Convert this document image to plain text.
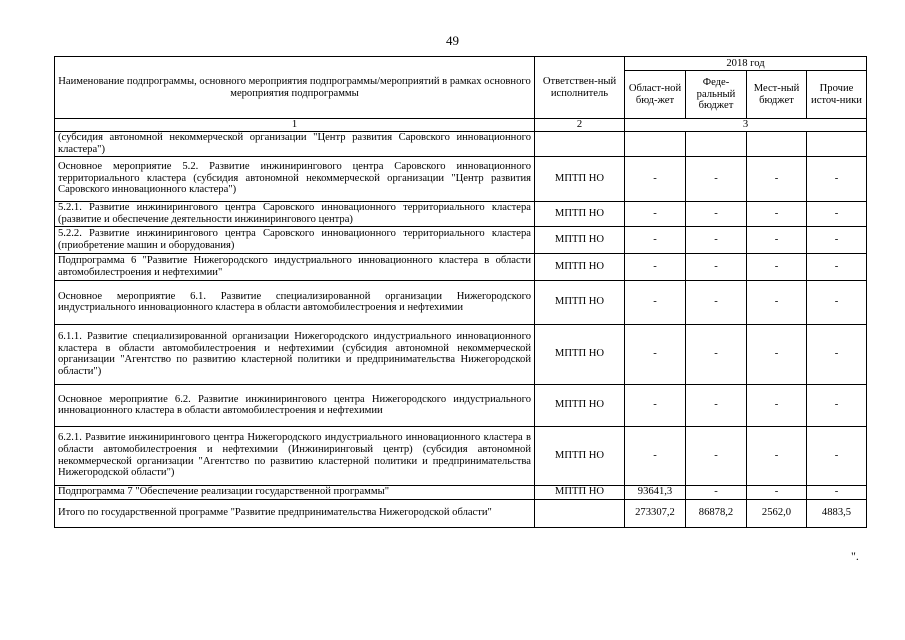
49
Наименование подпрограммы, основного мероприятия подпрограммы/мероприятий в рамках основного мероприятия подпрограммы	Ответствен-ный исполнитель	2018 год			
		Област-ной бюд-жет	Феде-ральный бюджет	Мест-ный бюджет	Прочие источ-ники
1	2	3			
(субсидия автономной некоммерческой организации "Центр развития Саровского инновационного кластера")					
Основное мероприятие 5.2. Развитие инжинирингового центра Саровского инновационного территориального кластера (субсидия автономной некоммерческой организации "Центр развития Саровского инновационного кластера")	МПТП НО	-	-	-	-
5.2.1. Развитие инжинирингового центра Саровского инновационного территориального кластера (развитие и обеспечение деятельности инжинирингового центра)	МПТП НО	-	-	-	-
5.2.2. Развитие инжинирингового центра Саровского инновационного территориального кластера (приобретение машин и оборудования)	МПТП НО	-	-	-	-
Подпрограмма 6 "Развитие Нижегородского индустриального инновационного кластера в области автомобилестроения и нефтехимии"	МПТП НО	-	-	-	-
Основное мероприятие 6.1. Развитие специализированной организации Нижегородского индустриального инновационного кластера в области автомобилестроения и нефтехимии	МПТП НО	-	-	-	-
6.1.1. Развитие специализированной организации Нижегородского индустриального инновационного кластера в области автомобилестроения и нефтехимии (субсидия автономной некоммерческой организации "Агентство по развитию кластерной политики и предпринимательства Нижегородской области")	МПТП НО	-	-	-	-
Основное мероприятие 6.2. Развитие инжинирингового центра Нижегородского индустриального инновационного кластера в области автомобилестроения и нефтехимии	МПТП НО	-	-	-	-
6.2.1. Развитие инжинирингового центра Нижегородского индустриального инновационного кластера в области автомобилестроения и нефтехимии (Инжиниринговый центр) (субсидия автономной некоммерческой организации "Агентство по развитию кластерной политики и предпринимательства Нижегородской области")	МПТП НО	-	-	-	-
Подпрограмма 7 "Обеспечение реализации государственной программы"	МПТП НО	93641,3	-	-	-
Итого по государственной программе "Развитие предпринимательства Нижегородской области"		273307,2	86878,2	2562,0	4883,5
".
